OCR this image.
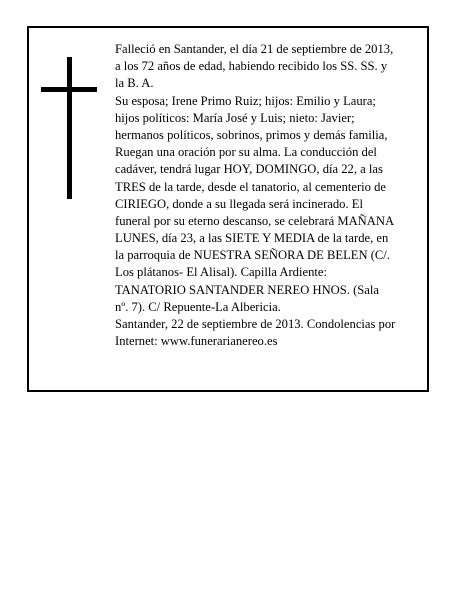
Falleció en Santander, el día 21 de septiembre de 2013,
a los 72 años de edad, habiendo recibido los SS. SS. y
la B. A.
Su esposa; Irene Primo Ruiz; hijos: Emilio y Laura;
hijos políticos: María José y Luis; nieto: Javier;
hermanos políticos, sobrinos, primos y demás familia,
Ruegan una oración por su alma. La conducción del
cadáver, tendrá lugar HOY, DOMINGO, día 22, a las
TRES de la tarde, desde el tanatorio, al cementerio de
CIRIEGO, donde a su llegada será incinerado. El
funeral por su eterno descanso, se celebrará MAÑANA
LUNES, día 23, a las SIETE Y MEDIA de la tarde, en
la parroquia de NUESTRA SEÑORA DE BELEN (C/.
Los plátanos- El Alisal). Capilla Ardiente:
TANATORIO SANTANDER NEREO HNOS. (Sala
nº. 7). C/ Repuente-La Albericia.
Santander, 22 de septiembre de 2013. Condolencias por
Internet: www.funerarianereo.es
